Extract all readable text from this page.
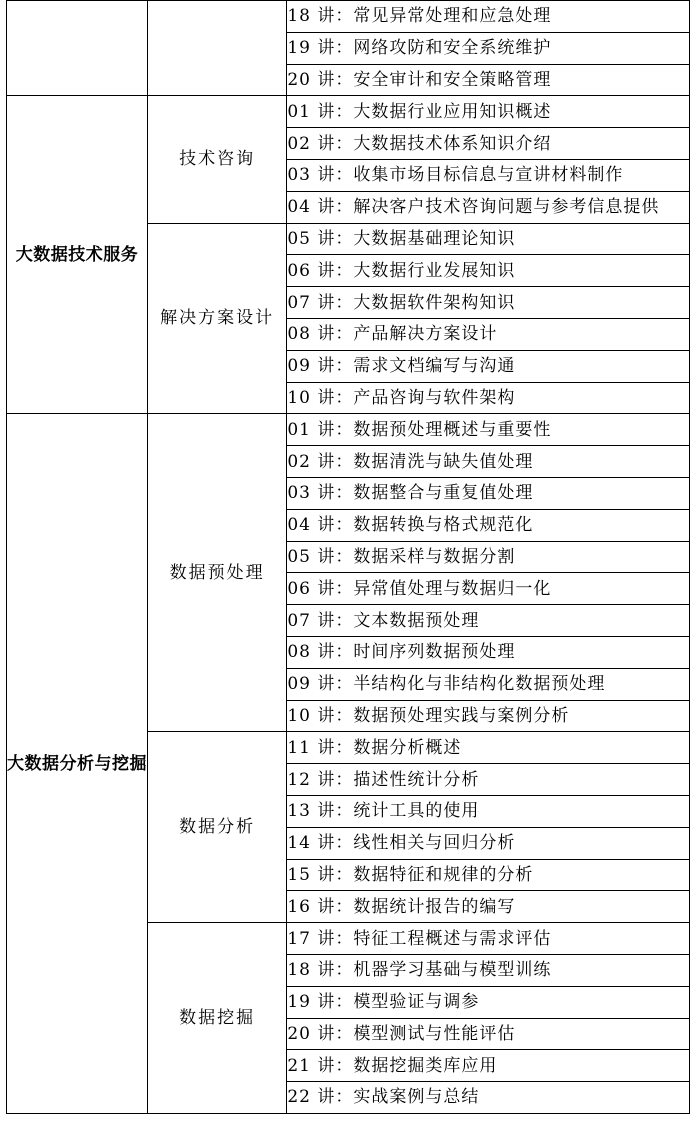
		18 讲：常见异常处理和应急处理
		19 讲：网络攻防和安全系统维护
		20 讲：安全审计和安全策略管理
大数据技术服务	技术咨询	01 讲：大数据行业应用知识概述
		02 讲：大数据技术体系知识介绍
		03 讲：收集市场目标信息与宣讲材料制作
		04 讲：解决客户技术咨询问题与参考信息提供
	解决方案设计	05 讲：大数据基础理论知识
		06 讲：大数据行业发展知识
		07 讲：大数据软件架构知识
		08 讲：产品解决方案设计
		09 讲：需求文档编写与沟通
		10 讲：产品咨询与软件架构
大数据分析与挖掘	数据预处理	01 讲：数据预处理概述与重要性
		02 讲：数据清洗与缺失值处理
		03 讲：数据整合与重复值处理
		04 讲：数据转换与格式规范化
		05 讲：数据采样与数据分割
		06 讲：异常值处理与数据归一化
		07 讲：文本数据预处理
		08 讲：时间序列数据预处理
		09 讲：半结构化与非结构化数据预处理
		10 讲：数据预处理实践与案例分析
	数据分析	11 讲：数据分析概述
		12 讲：描述性统计分析
		13 讲：统计工具的使用
		14 讲：线性相关与回归分析
		15 讲：数据特征和规律的分析
		16 讲：数据统计报告的编写
	数据挖掘	17 讲：特征工程概述与需求评估
		18 讲：机器学习基础与模型训练
		19 讲：模型验证与调参
		20 讲：模型测试与性能评估
		21 讲：数据挖掘类库应用
		22 讲：实战案例与总结
